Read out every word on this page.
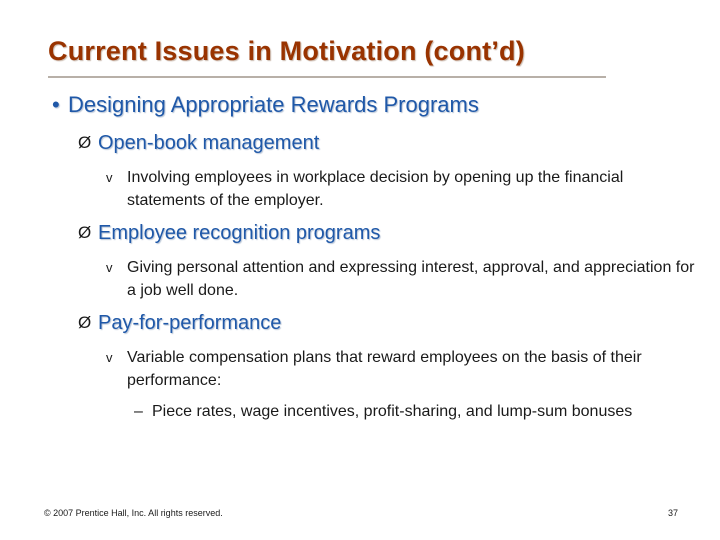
Current Issues in Motivation (cont’d)
• Designing Appropriate Rewards Programs
Ø Open-book management
v Involving employees in workplace decision by opening up the financial statements of the employer.
Ø Employee recognition programs
v Giving personal attention and expressing interest, approval, and appreciation for a job well done.
Ø Pay-for-performance
v Variable compensation plans that reward employees on the basis of their performance:
– Piece rates, wage incentives, profit-sharing, and lump-sum bonuses
© 2007 Prentice Hall, Inc. All rights reserved.	37
